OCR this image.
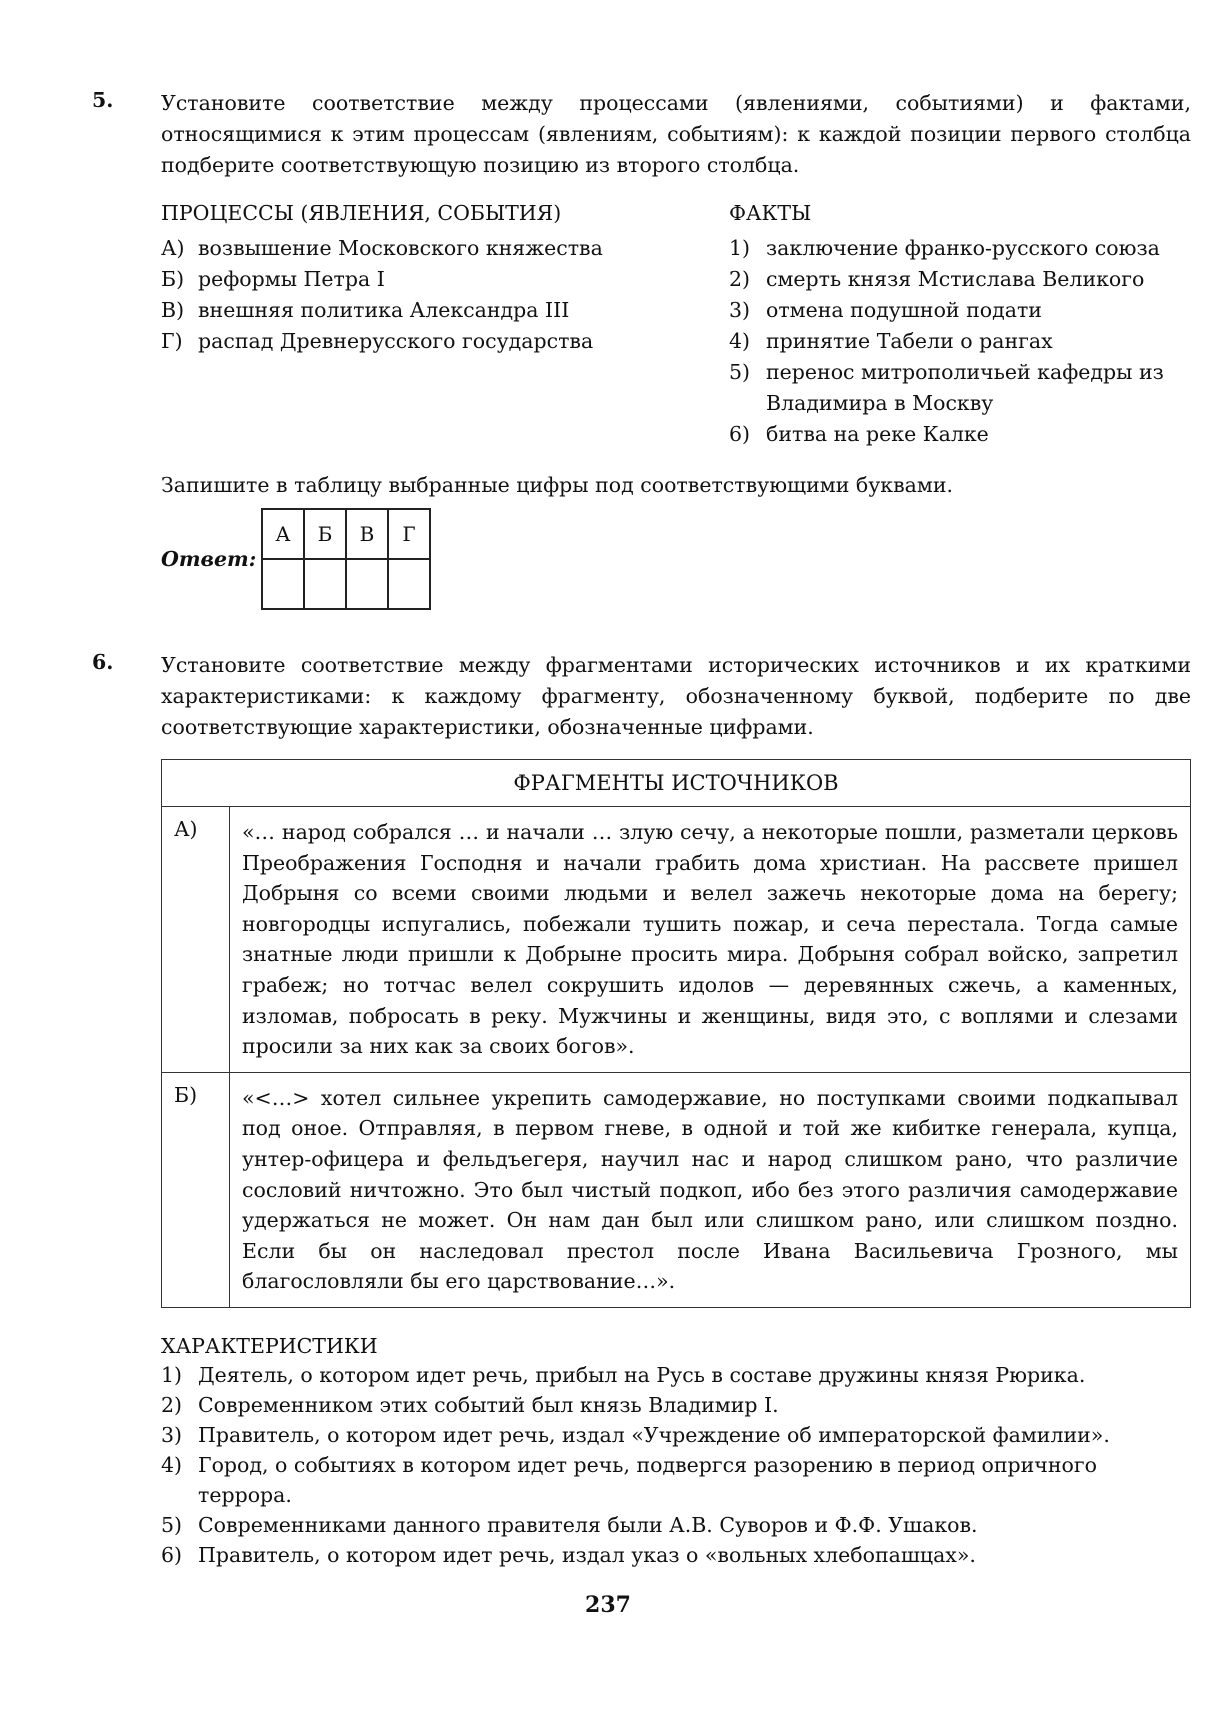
5. Установите соответствие между процессами (явлениями, событиями) и фактами, относящимися к этим процессам (явлениям, событиям): к каждой позиции первого столбца подберите соответствующую позицию из второго столбца.

ПРОЦЕССЫ (ЯВЛЕНИЯ, СОБЫТИЯ)
А) возвышение Московского княжества
Б) реформы Петра I
В) внешняя политика Александра III
Г) распад Древнерусского государства
ФАКТЫ
1) заключение франко-русского союза
2) смерть князя Мстислава Великого
3) отмена подушной подати
4) принятие Табели о рангах
5) перенос митрополичьей кафедры из Владимира в Москву
6) битва на реке Калке
Запишите в таблицу выбранные цифры под соответствующими буквами.
Ответ:
А	Б	В	Г

6. Установите соответствие между фрагментами исторических источников и их краткими характеристиками: к каждому фрагменту, обозначенному буквой, подберите по две соответствующие характеристики, обозначенные цифрами.

ФРАГМЕНТЫ ИСТОЧНИКОВ	
А)	«… народ собрался … и начали … злую сечу, а некоторые пошли, разметали церковь Преображения Господня и начали грабить дома христиан. На рассвете пришел Добрыня со всеми своими людьми и велел зажечь некоторые дома на берегу; новгородцы испугались, побежали тушить пожар, и сеча перестала. Тогда самые знатные люди пришли к Добрыне просить мира. Добрыня собрал войско, запретил грабеж; но тотчас велел сокрушить идолов — деревянных сжечь, а каменных, изломав, побросать в реку. Мужчины и женщины, видя это, с воплями и слезами просили за них как за своих богов».
Б)	«<…> хотел сильнее укрепить самодержавие, но поступками своими подкапывал под оное. Отправляя, в первом гневе, в одной и той же кибитке генерала, купца, унтер-офицера и фельдъегеря, научил нас и народ слишком рано, что различие сословий ничтожно. Это был чистый подкоп, ибо без этого различия самодержавие удержаться не может. Он нам дан был или слишком рано, или слишком поздно. Если бы он наследовал престол после Ивана Васильевича Грозного, мы благословляли бы его царствование…».
ХАРАКТЕРИСТИКИ
1) Деятель, о котором идет речь, прибыл на Русь в составе дружины князя Рюрика.
2) Современником этих событий был князь Владимир I.
3) Правитель, о котором идет речь, издал «Учреждение об императорской фамилии».
4) Город, о событиях в котором идет речь, подвергся разорению в период опричного террора.
5) Современниками данного правителя были А.В. Суворов и Ф.Ф. Ушаков.
6) Правитель, о котором идет речь, издал указ о «вольных хлебопашцах».
237
